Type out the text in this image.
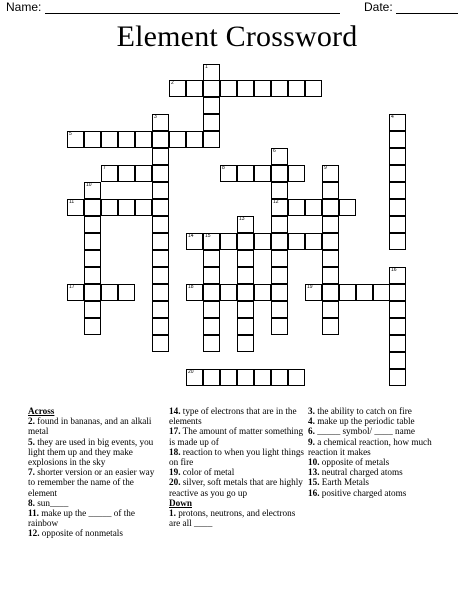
Name:	Date:
Element Crossword
1
2
3	4
5
6
7	8	9
10
11	12
13
14 15
16
17	18	19
20

Across

2. found in bananas, and an alkali metal

5. they are used in big events, you light them up and they make explosions in the sky

7. shorter version or an easier way to remember the name of the element

8. sun____

11. make up the _____ of the rainbow

12. opposite of nonmetals

14. type of electrons that are in the elements

17. The amount of matter something is made up of

18. reaction to when you light things on fire

19. color of metal

20. silver, soft metals that are highly reactive as you go up

Down

1. protons, neutrons, and electrons are all ____

3. the ability to catch on fire

4. make up the periodic table

6. _____ symbol/ ____ name

9. a chemical reaction, how much reaction it makes

10. opposite of metals

13. neutral charged atoms

15. Earth Metals

16. positive charged atoms
